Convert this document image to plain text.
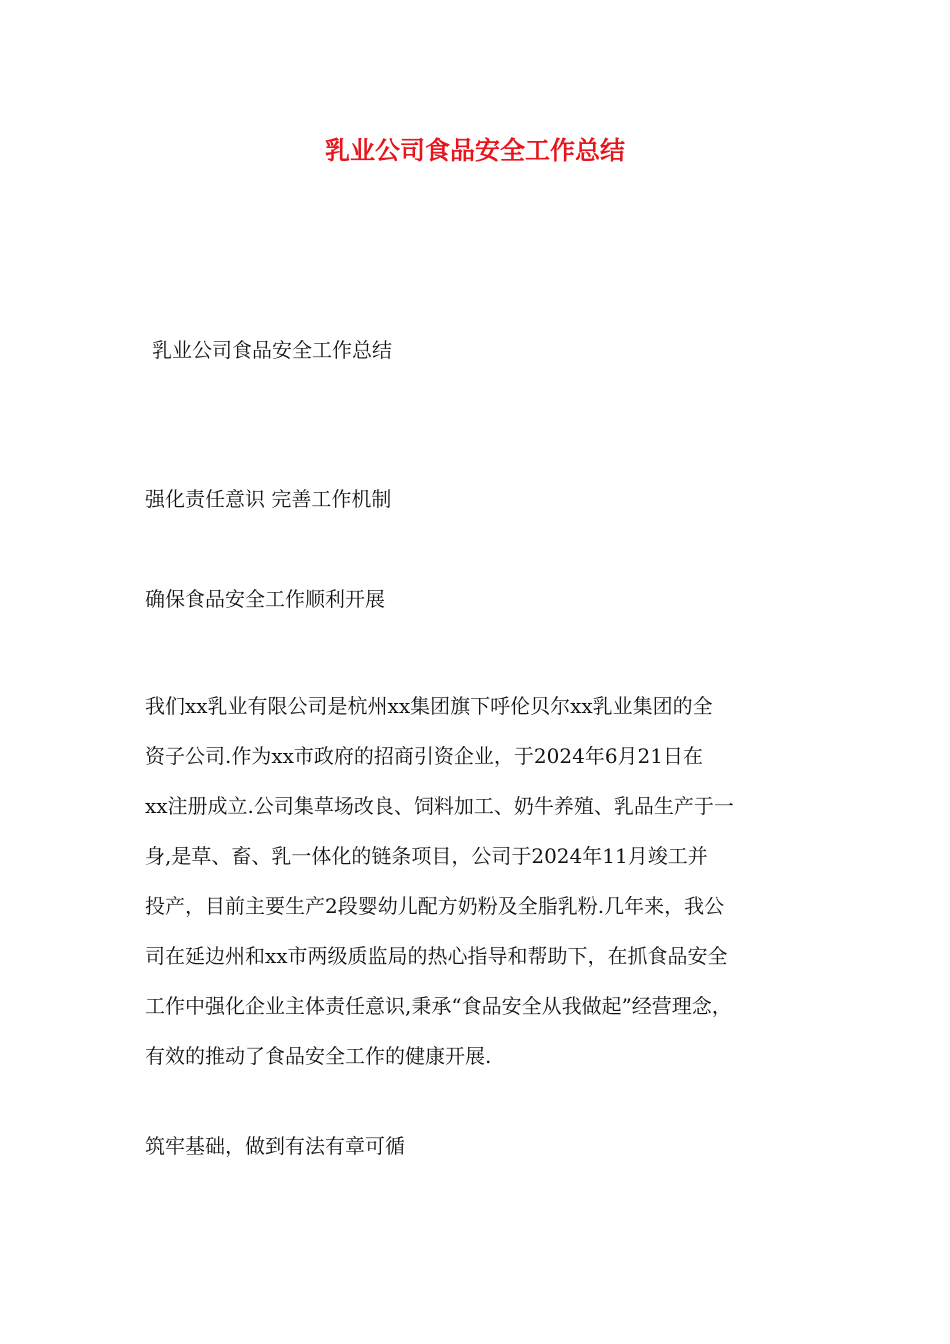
乳业公司食品安全工作总结

乳业公司食品安全工作总结

强化责任意识 完善工作机制

确保食品安全工作顺利开展

我们xx乳业有限公司是杭州xx集团旗下呼伦贝尔xx乳业集团的全
资子公司.作为xx市政府的招商引资企业，于2024年6月21日在
xx注册成立.公司集草场改良、饲料加工、奶牛养殖、乳品生产于一
身,是草、畜、乳一体化的链条项目，公司于2024年11月竣工并
投产，目前主要生产2段婴幼儿配方奶粉及全脂乳粉.几年来，我公
司在延边州和xx市两级质监局的热心指导和帮助下，在抓食品安全
工作中强化企业主体责任意识,秉承“食品安全从我做起”经营理念，
有效的推动了食品安全工作的健康开展.

筑牢基础，做到有法有章可循
